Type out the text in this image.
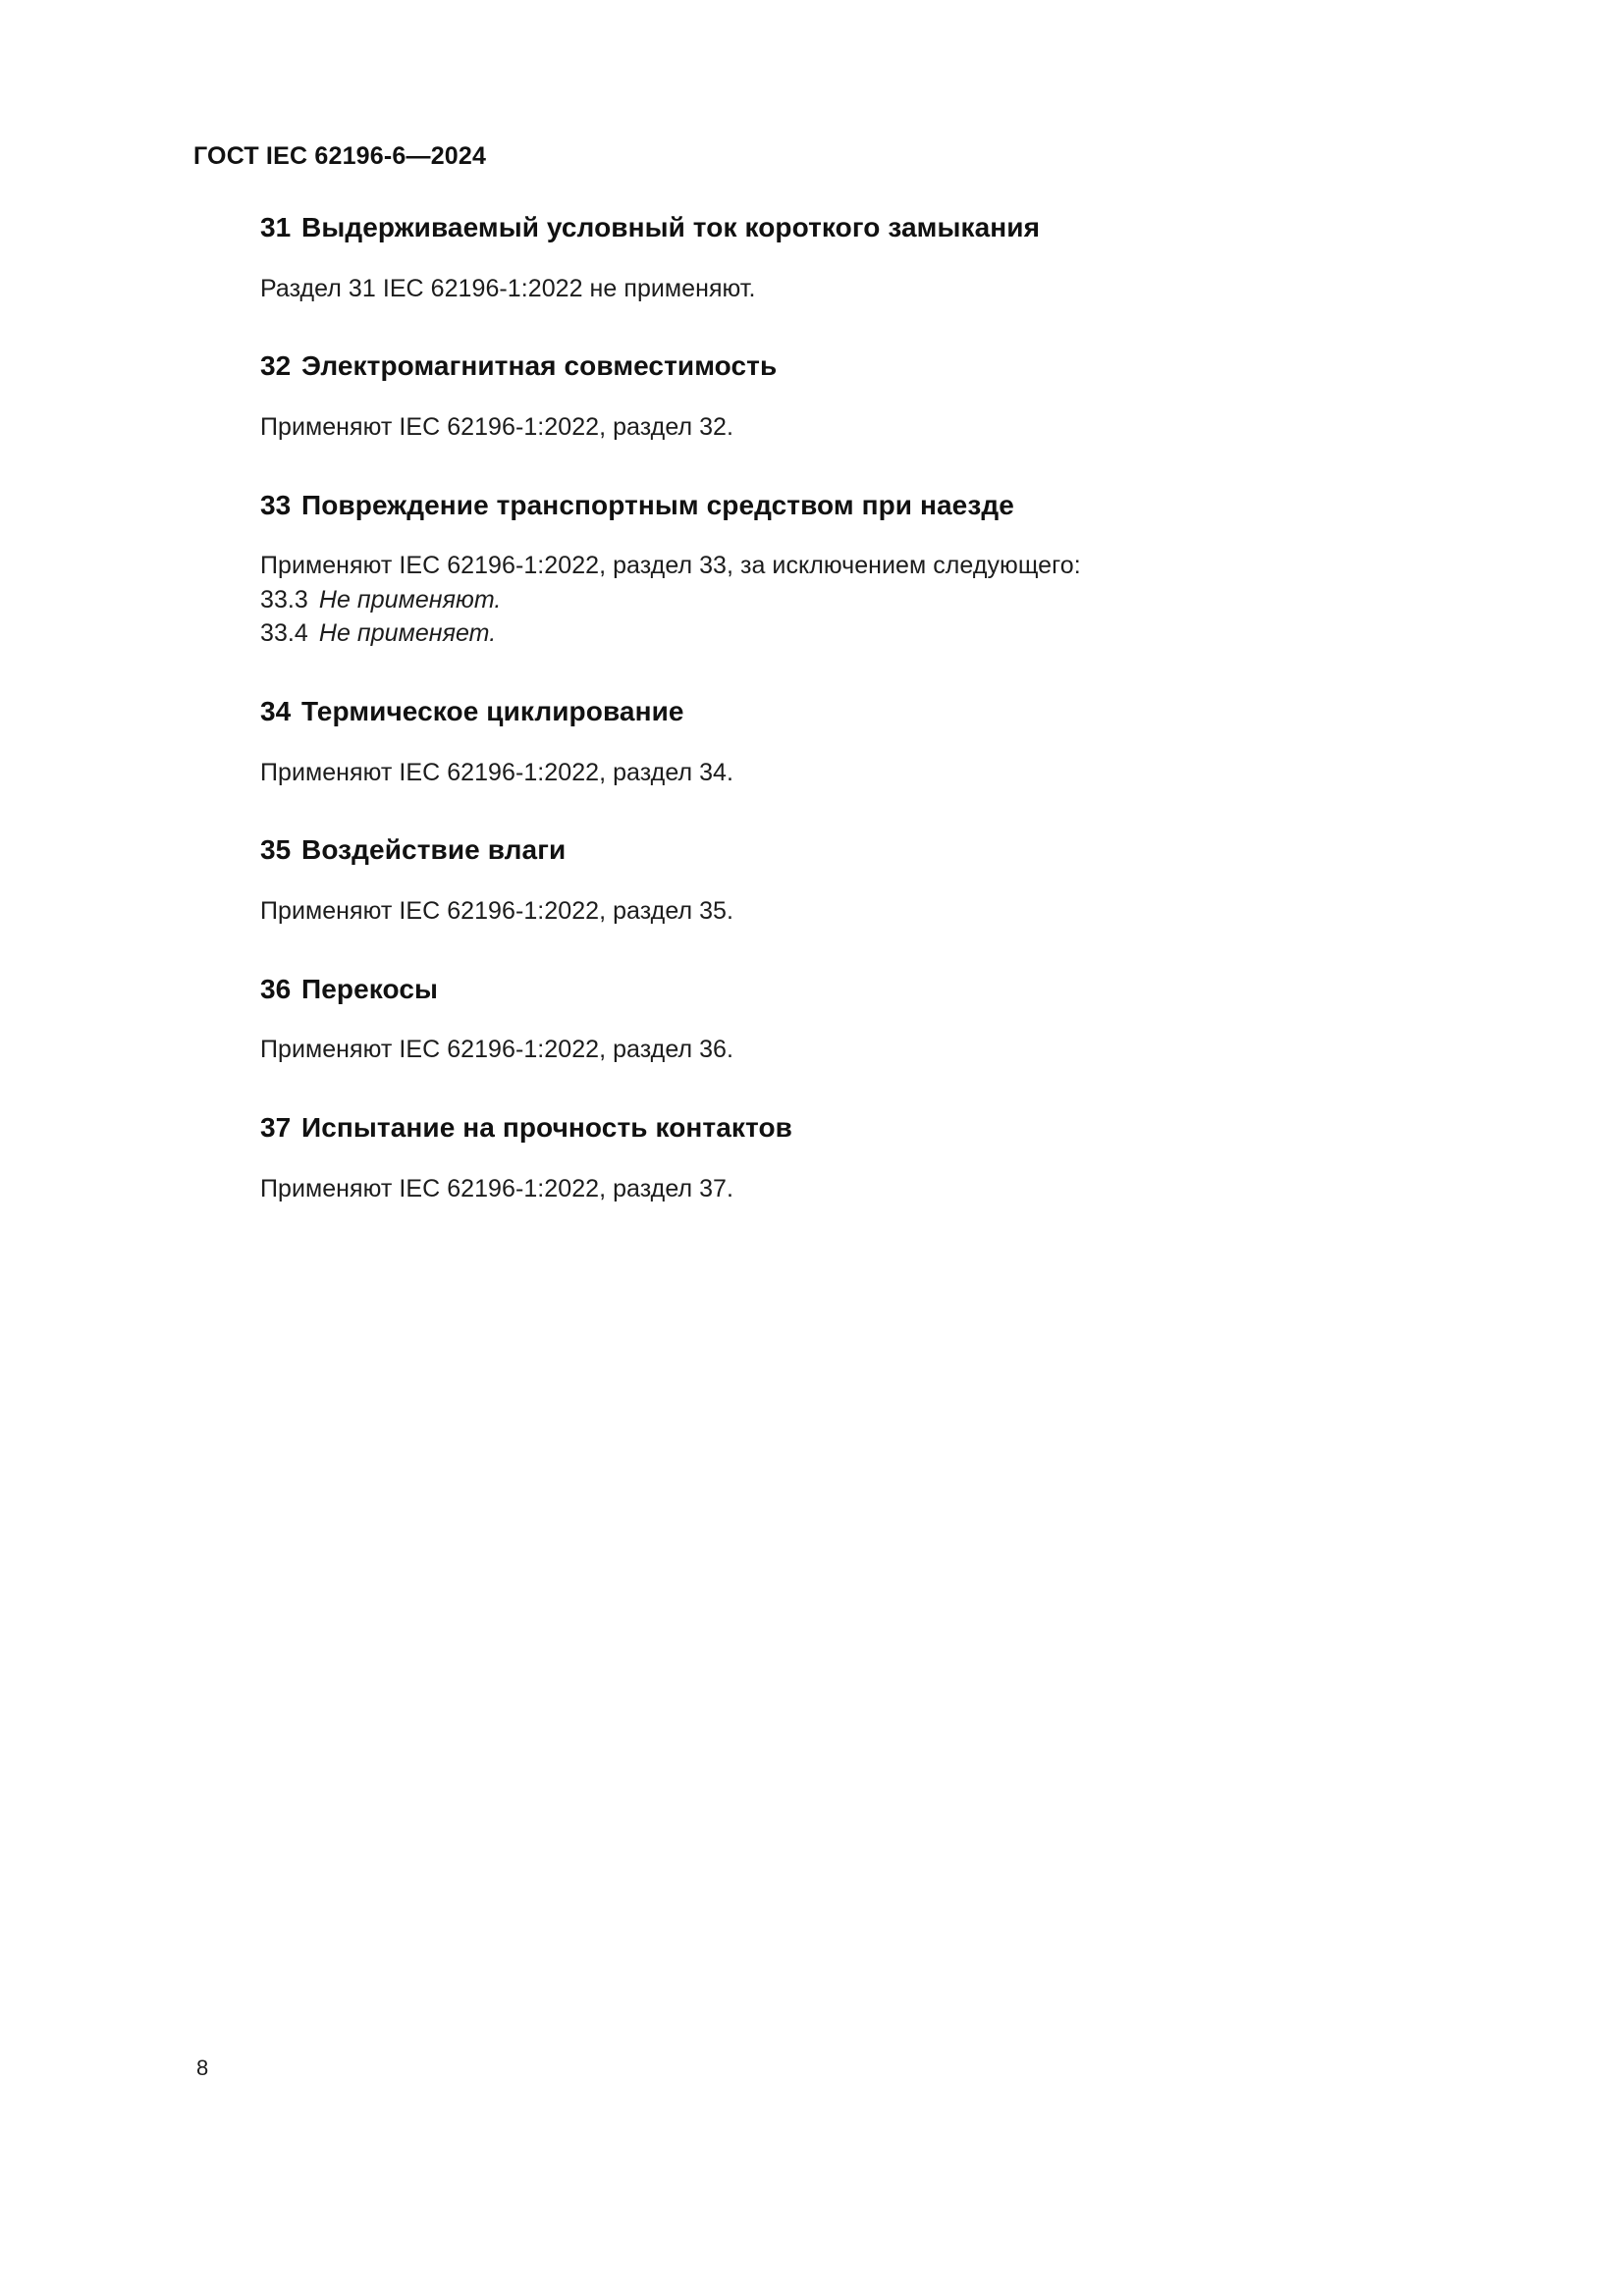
ГОСТ IEC 62196-6—2024
31 Выдерживаемый условный ток короткого замыкания

Раздел 31 IEC 62196-1:2022 не применяют.

32 Электромагнитная совместимость

Применяют IEC 62196-1:2022, раздел 32.

33 Повреждение транспортным средством при наезде

Применяют IEC 62196-1:2022, раздел 33, за исключением следующего:

33.3 Не применяют.
33.4 Не применяет.
34 Термическое циклирование

Применяют IEC 62196-1:2022, раздел 34.

35 Воздействие влаги

Применяют IEC 62196-1:2022, раздел 35.

36 Перекосы

Применяют IEC 62196-1:2022, раздел 36.

37 Испытание на прочность контактов

Применяют IEC 62196-1:2022, раздел 37.

8
